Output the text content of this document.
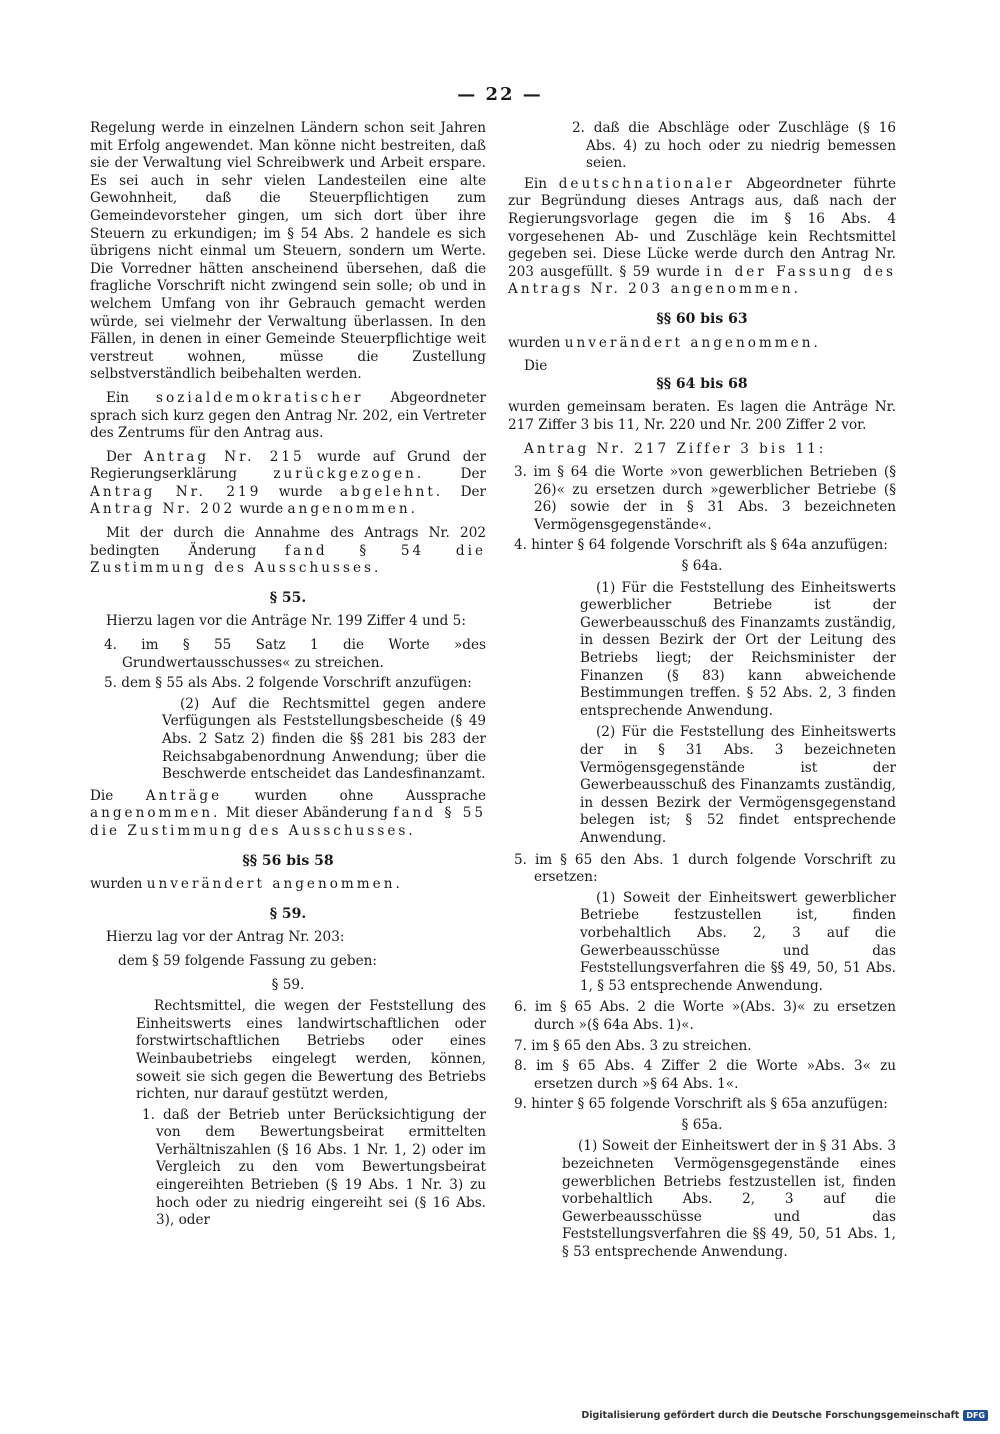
— 22 —

Regelung werde in einzelnen Ländern schon seit Jahren mit Erfolg angewendet. Man könne nicht bestreiten, daß sie der Verwaltung viel Schreibwerk und Arbeit erspare. Es sei auch in sehr vielen Landesteilen eine alte Gewohnheit, daß die Steuerpflichtigen zum Gemeindevorsteher gingen, um sich dort über ihre Steuern zu erkundigen; im § 54 Abs. 2 handele es sich übrigens nicht einmal um Steuern, sondern um Werte. Die Vorredner hätten anscheinend übersehen, daß die fragliche Vorschrift nicht zwingend sein solle; ob und in welchem Umfang von ihr Gebrauch gemacht werden würde, sei vielmehr der Verwaltung überlassen. In den Fällen, in denen in einer Gemeinde Steuerpflichtige weit verstreut wohnen, müsse die Zustellung selbstverständlich beibehalten werden.

Ein sozialdemokratischer Abgeordneter sprach sich kurz gegen den Antrag Nr. 202, ein Vertreter des Zentrums für den Antrag aus.

Der Antrag Nr. 215 wurde auf Grund der Regierungserklärung	zurückgezogen.	Der Antrag Nr. 219 wurde abgelehnt. Der Antrag Nr. 202 wurde angenommen.

Mit der durch die Annahme des Antrags Nr. 202 bedingten Änderung fand § 54 die Zustimmung des Ausschusses.

§ 55.

Hierzu lagen vor die Anträge Nr. 199 Ziffer 4 und 5:

4. im § 55 Satz 1 die Worte »des Grundwertausschusses« zu streichen.

5. dem § 55 als Abs. 2 folgende Vorschrift anzufügen:

(2) Auf die Rechtsmittel gegen andere Verfügungen als Feststellungsbescheide (§ 49 Abs. 2 Satz 2) finden die §§ 281 bis 283 der Reichsabgabenordnung Anwendung; über die Beschwerde entscheidet das Landesfinanzamt.

Die Anträge wurden ohne Aussprache angenommen. Mit dieser Abänderung fand § 55 die Zustimmung des Ausschusses.

§§ 56 bis 58

wurden unverändert angenommen.

§ 59.

Hierzu lag vor der Antrag Nr. 203:

dem § 59 folgende Fassung zu geben:

§ 59.

Rechtsmittel, die wegen der Feststellung des Einheitswerts eines landwirtschaftlichen oder forstwirtschaftlichen Betriebs oder eines Weinbaubetriebs eingelegt werden, können, soweit sie sich gegen die Bewertung des Betriebs richten, nur darauf gestützt werden,

1. daß der Betrieb unter Berücksichtigung der von dem Bewertungsbeirat ermittelten Verhältniszahlen (§ 16 Abs. 1 Nr. 1, 2) oder im Vergleich zu den vom Bewertungsbeirat eingereihten Betrieben (§ 19 Abs. 1 Nr. 3) zu hoch oder zu niedrig eingereiht sei (§ 16 Abs. 3), oder

2. daß die Abschläge oder Zuschläge (§ 16 Abs. 4) zu hoch oder zu niedrig bemessen seien.

Ein deutschnationaler Abgeordneter führte zur Begründung dieses Antrags aus, daß nach der Regierungsvorlage gegen die im § 16 Abs. 4 vorgesehenen Ab- und Zuschläge kein Rechtsmittel gegeben sei. Diese Lücke werde durch den Antrag Nr. 203 ausgefüllt. § 59 wurde in der Fassung des Antrags Nr. 203 angenommen.

§§ 60 bis 63

wurden unverändert angenommen.

Die

§§ 64 bis 68

wurden gemeinsam beraten. Es lagen die Anträge Nr. 217 Ziffer 3 bis 11, Nr. 220 und Nr. 200 Ziffer 2 vor.

Antrag Nr. 217 Ziffer 3 bis 11:

3. im § 64 die Worte »von gewerblichen Betrieben (§ 26)« zu ersetzen durch »gewerblicher Betriebe (§ 26) sowie der in § 31 Abs. 3 bezeichneten Vermögensgegenstände«.

4. hinter § 64 folgende Vorschrift als § 64a anzufügen:

§ 64a.

(1) Für die Feststellung des Einheitswerts gewerblicher Betriebe ist der Gewerbeausschuß des Finanzamts zuständig, in dessen Bezirk der Ort der Leitung des Betriebs liegt; der Reichsminister der Finanzen (§ 83) kann abweichende Bestimmungen treffen. § 52 Abs. 2, 3 finden entsprechende Anwendung.

(2) Für die Feststellung des Einheitswerts der in § 31 Abs. 3 bezeichneten Vermögensgegenstände ist der Gewerbeausschuß des Finanzamts zuständig, in dessen Bezirk der Vermögensgegenstand belegen ist; § 52 findet entsprechende Anwendung.

5. im § 65 den Abs. 1 durch folgende Vorschrift zu ersetzen:

(1) Soweit der Einheitswert gewerblicher Betriebe festzustellen ist, finden vorbehaltlich Abs. 2, 3 auf die Gewerbeausschüsse und das Feststellungsverfahren die §§ 49, 50, 51 Abs. 1, § 53 entsprechende Anwendung.

6. im § 65 Abs. 2 die Worte »(Abs. 3)« zu ersetzen durch »(§ 64a Abs. 1)«.

7. im § 65 den Abs. 3 zu streichen.

8. im § 65 Abs. 4 Ziffer 2 die Worte »Abs. 3« zu ersetzen durch »§ 64 Abs. 1«.

9. hinter § 65 folgende Vorschrift als § 65a anzufügen:

§ 65a.

(1) Soweit der Einheitswert der in § 31 Abs. 3 bezeichneten Vermögensgegenstände eines gewerblichen Betriebs festzustellen ist, finden vorbehaltlich Abs. 2, 3 auf die Gewerbeausschüsse und das Feststellungsverfahren die §§ 49, 50, 51 Abs. 1, § 53 entsprechende Anwendung.

Digitalisierung gefördert durch die Deutsche Forschungsgemeinschaft DFG
